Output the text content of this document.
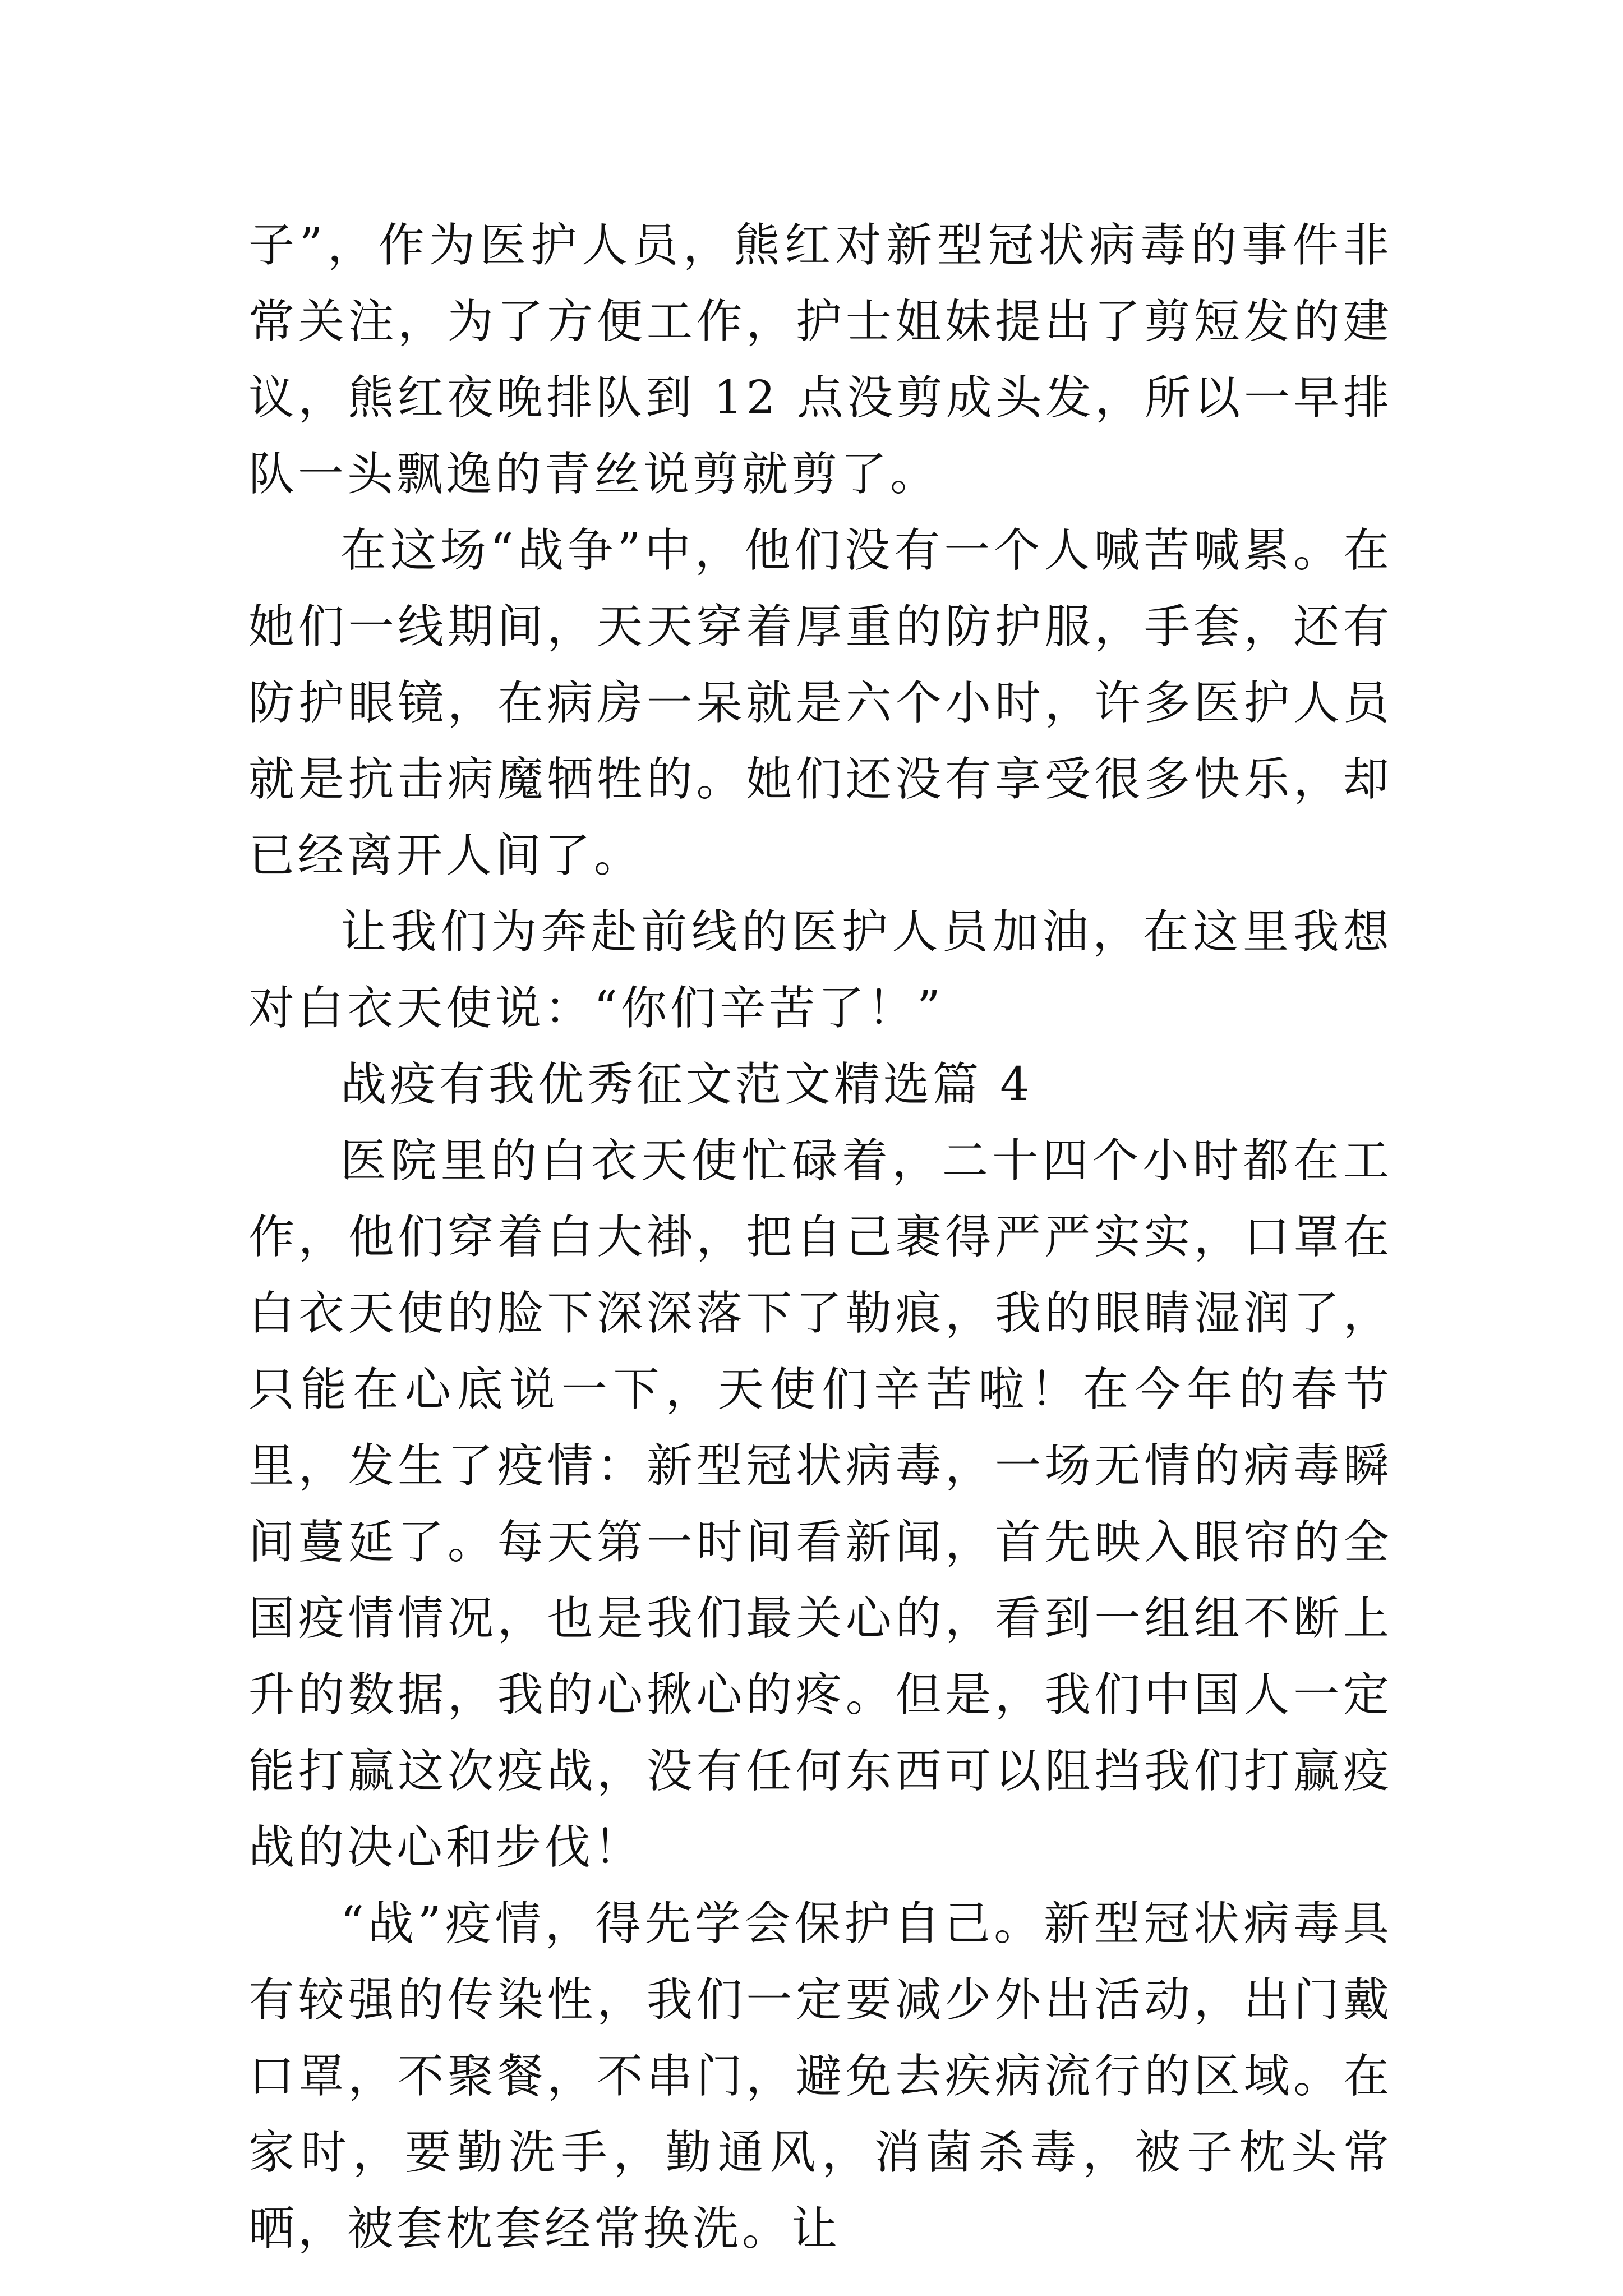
子”，作为医护人员，熊红对新型冠状病毒的事件非常关注，为了方便工作，护士姐妹提出了剪短发的建议，熊红夜晚排队到 12 点没剪成头发，所以一早排队一头飘逸的青丝说剪就剪了。

在这场“战争”中，他们没有一个人喊苦喊累。在她们一线期间，天天穿着厚重的防护服，手套，还有防护眼镜，在病房一呆就是六个小时，许多医护人员就是抗击病魔牺牲的。她们还没有享受很多快乐，却已经离开人间了。

让我们为奔赴前线的医护人员加油，在这里我想对白衣天使说：“你们辛苦了！”

战疫有我优秀征文范文精选篇 4

医院里的白衣天使忙碌着，二十四个小时都在工作，他们穿着白大褂，把自己裹得严严实实，口罩在白衣天使的脸下深深落下了勒痕，我的眼睛湿润了，只能在心底说一下，天使们辛苦啦！在今年的春节里，发生了疫情：新型冠状病毒，一场无情的病毒瞬间蔓延了。每天第一时间看新闻，首先映入眼帘的全国疫情情况，也是我们最关心的，看到一组组不断上升的数据，我的心揪心的疼。但是，我们中国人一定能打赢这次疫战，没有任何东西可以阻挡我们打赢疫战的决心和步伐！

“战”疫情，得先学会保护自己。新型冠状病毒具有较强的传染性，我们一定要减少外出活动，出门戴口罩，不聚餐，不串门，避免去疾病流行的区域。在家时，要勤洗手，勤通风，消菌杀毒，被子枕头常晒，被套枕套经常换洗。让
